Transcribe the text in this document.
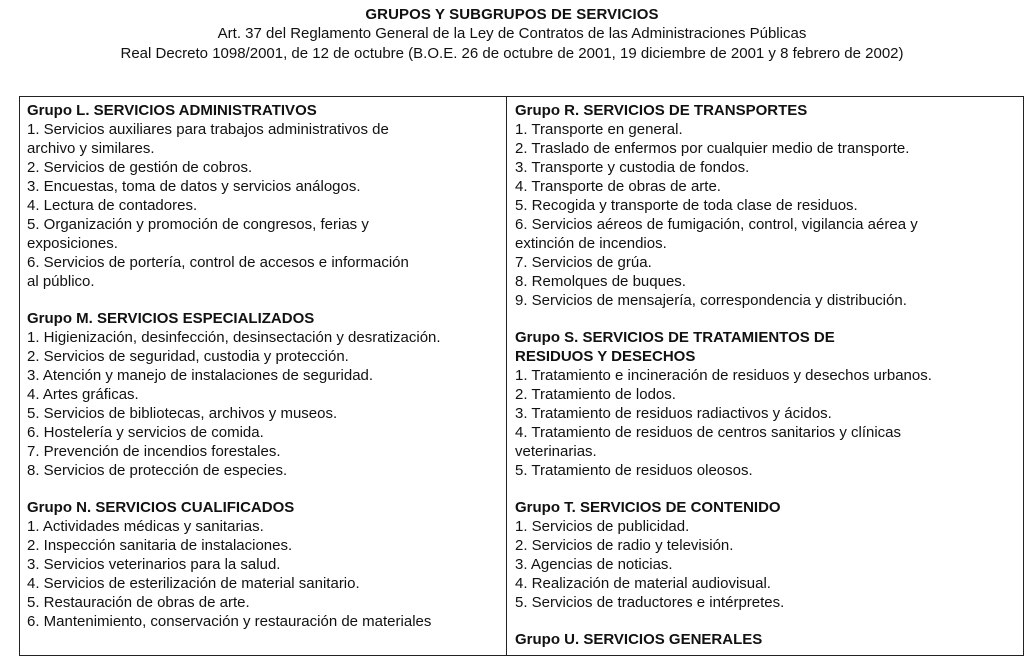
GRUPOS Y SUBGRUPOS DE SERVICIOS
Art. 37 del Reglamento General de la Ley de Contratos de las Administraciones Públicas
Real Decreto 1098/2001, de 12 de octubre (B.O.E. 26 de octubre de 2001, 19 diciembre de 2001 y 8 febrero de 2002)
Grupo L. SERVICIOS ADMINISTRATIVOS
1. Servicios auxiliares para trabajos administrativos de
archivo y similares.
2. Servicios de gestión de cobros.
3. Encuestas, toma de datos y servicios análogos.
4. Lectura de contadores.
5. Organización y promoción de congresos, ferias y
exposiciones.
6. Servicios de portería, control de accesos e información
al público.
Grupo M. SERVICIOS ESPECIALIZADOS
1. Higienización, desinfección, desinsectación y desratización.
2. Servicios de seguridad, custodia y protección.
3. Atención y manejo de instalaciones de seguridad.
4. Artes gráficas.
5. Servicios de bibliotecas, archivos y museos.
6. Hostelería y servicios de comida.
7. Prevención de incendios forestales.
8. Servicios de protección de especies.
Grupo N. SERVICIOS CUALIFICADOS
1. Actividades médicas y sanitarias.
2. Inspección sanitaria de instalaciones.
3. Servicios veterinarios para la salud.
4. Servicios de esterilización de material sanitario.
5. Restauración de obras de arte.
6. Mantenimiento, conservación y restauración de materiales
Grupo R. SERVICIOS DE TRANSPORTES
1. Transporte en general.
2. Traslado de enfermos por cualquier medio de transporte.
3. Transporte y custodia de fondos.
4. Transporte de obras de arte.
5. Recogida y transporte de toda clase de residuos.
6. Servicios aéreos de fumigación, control, vigilancia aérea y
extinción de incendios.
7. Servicios de grúa.
8. Remolques de buques.
9. Servicios de mensajería, correspondencia y distribución.
Grupo S. SERVICIOS DE TRATAMIENTOS DE
RESIDUOS Y DESECHOS
1. Tratamiento e incineración de residuos y desechos urbanos.
2. Tratamiento de lodos.
3. Tratamiento de residuos radiactivos y ácidos.
4. Tratamiento de residuos de centros sanitarios y clínicas
veterinarias.
5. Tratamiento de residuos oleosos.
Grupo T. SERVICIOS DE CONTENIDO
1. Servicios de publicidad.
2. Servicios de radio y televisión.
3. Agencias de noticias.
4. Realización de material audiovisual.
5. Servicios de traductores e intérpretes.
Grupo U. SERVICIOS GENERALES
